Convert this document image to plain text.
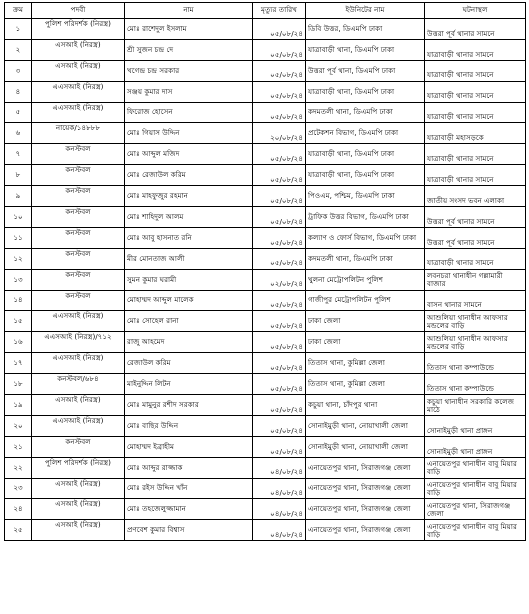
ক্রম	পদবী	নাম	মৃত্যুর তারিখ	ইউনিটের নাম	ঘটনাস্থল
১	পুলিশ পরিদর্শক (নিরস্ত্র)	মোঃ রাশেদুল ইসলাম	০৫/০৮/২৪	ডিবি উত্তর, ডিএমপি ঢাকা	উত্তরা পূর্ব থানার সামনে
২	এসআই (নিরস্ত্র)	শ্রী সুজন চন্দ্র দে	০৫/০৮/২৪	যাত্রাবাড়ী থানা, ডিএমপি ঢাকা	যাত্রাবাড়ী থানার সামনে
৩	এসআই (নিরস্ত্র)	খগেন্দ্র চন্দ্র সরকার	০৫/০৮/২৪	উত্তরা পূর্ব থানা, ডিএমপি ঢাকা	যাত্রাবাড়ী থানার সামনে
৪	এএসআই (নিরস্ত্র)	সঞ্জয় কুমার দাস	০৫/০৮/২৪	যাত্রাবাড়ী থানা, ডিএমপি ঢাকা	যাত্রাবাড়ী থানার সামনে
৫	এএসআই (নিরস্ত্র)	ফিরোজ হোসেন	০৫/০৮/২৪	কদমতলী থানা, ডিএমপি ঢাকা	যাত্রাবাড়ী থানার সামনে
৬	নায়েক/১৪৮৮৮	মোঃ গিয়াস উদ্দিন	২০/০৮/২৪	প্রটেকশন বিভাগ, ডিএমপি ঢাকা	যাত্রাবাড়ী মহাসড়কে
৭	কনস্টবল	মোঃ আব্দুল মজিদ	০৫/০৮/২৪	যাত্রাবাড়ী থানা, ডিএমপি ঢাকা	যাত্রাবাড়ী থানার সামনে
৮	কনস্টবল	মোঃ রেজাউল করিম	০৫/০৮/২৪	যাত্রাবাড়ী থানা, ডিএমপি ঢাকা	যাত্রাবাড়ী থানার সামনে
৯	কনস্টবল	মোঃ মাহফুজুর রহমান	০৫/০৮/২৪	পিওএম, পশ্চিম, ডিএমপি ঢাকা	জাতীয় সংসদ ভবন এলাকা
১০	কনস্টবল	মোঃ শাহিদুল আলম	০৫/০৮/২৪	ট্রাফিক উত্তর বিভাগ, ডিএমপি ঢাকা	উত্তরা পূর্ব থানার সামনে
১১	কনস্টবল	মোঃ আবু হাসনাত রনি	০৫/০৮/২৪	কল্যাণ ও ফোর্স বিভাগ, ডিএমপি ঢাকা	উত্তরা পূর্ব থানার সামনে
১২	কনস্টবল	মীর মোনতাজ আলী	০৫/০৮/২৪	কদমতলী থানা, ডিএমপি ঢাকা	যাত্রাবাড়ী থানার সামনে
১৩	কনস্টবল	সুমন কুমার ঘরামী	০২/০৮/২৪	খুলনা মেট্রোপলিটন পুলিশ	লবনচরা থানাধীন গল্লামারী বাজার
১৪	কনস্টবল	মোহাম্মদ আব্দুল মালেক	০৫/০৮/২৪	গাজীপুর মেট্রোপলিটন পুলিশ	বাসন থানার সামনে
১৫	এএসআই (নিরস্ত্র)	মোঃ সোহেল রানা	০৫/০৮/২৪	ঢাকা জেলা	আশুলিয়া থানাধীন আফসার মন্ডলের বাড়ি
১৬	এএসআই (নিরস্ত্র)/৭১২	রাজু আহমেদ	০৫/০৮/২৪	ঢাকা জেলা	আশুলিয়া থানাধীন আফসার মন্ডলের বাড়ি
১৭	এএসআই (নিরস্ত্র)	রেজাউল করিম	০৫/০৮/২৪	তিতাস থানা, কুমিল্লা জেলা	তিতাস থানা কম্পাউন্ডে
১৮	কনস্টবল/৬৮৪	মাইনুদ্দিন লিটন	০৫/০৮/২৪	তিতাস থানা, কুমিল্লা জেলা	তিতাস থানা কম্পাউন্ডে
১৯	এসআই (নিরস্ত্র)	মোঃ মামুনুর রশীদ সরকার	০৫/০৮/২৪	কচুয়া থানা, চাঁদপুর থানা	কচুয়া থানাধীন সরকারি কলেজ মাঠে
২০	এএসআই (নিরস্ত্র)	মোঃ বাছির উদ্দিন	০৫/০৮/২৪	সোনাইমুড়ী থানা, নোয়াখালী জেলা	সোনাইমুড়ী থানা প্রাঙ্গন
২১	কনস্টবল	মোহাম্মদ ইব্রাহীম	০৫/০৮/২৪	সোনাইমুড়ী থানা, নোয়াখালী জেলা	সোনাইমুড়ী থানা প্রাঙ্গন
২২	পুলিশ পরিদর্শক (নিরস্ত্র)	মোঃ আব্দুর রাজ্জাক	০৪/০৮/২৪	এনায়েতপুর থানা, সিরাজগঞ্জ জেলা	এনায়েতপুর থানাধীন বাবু মিয়ার বাড়ি
২৩	এসআই (নিরস্ত্র)	মোঃ রইস উদ্দিন খাঁন	০৪/০৮/২৪	এনায়েতপুর থানা, সিরাজগঞ্জ জেলা	এনায়েতপুর থানাধীন বাবু মিয়ার বাড়ি
২৪	এসআই (নিরস্ত্র)	মোঃ তহজেলুজ্জামান	০৪/০৮/২৪	এনায়েতপুর থানা, সিরাজগঞ্জ জেলা	এনায়েতপুর থানা, সিরাজগঞ্জ জেলা
২৫	এসআই (নিরস্ত্র)	প্রণবেশ কুমার বিশ্বাস	০৪/০৮/২৪	এনায়েতপুর থানা, সিরাজগঞ্জ জেলা	এনায়েতপুর থানাধীন বাবু মিয়ার বাড়ি
